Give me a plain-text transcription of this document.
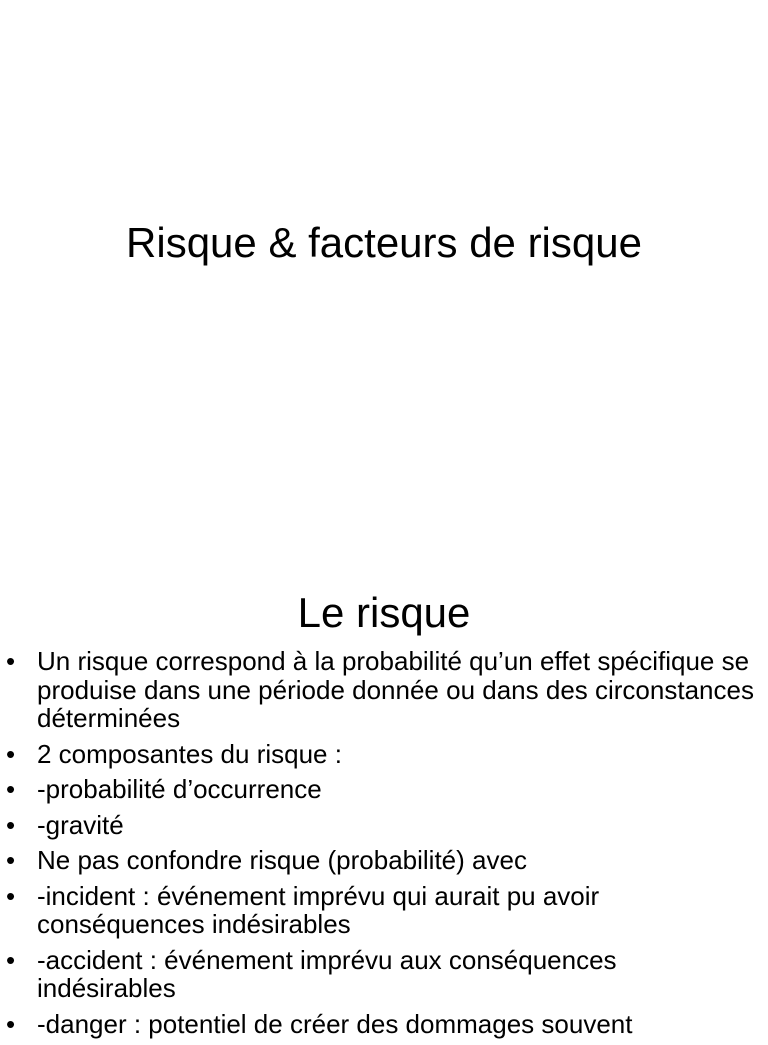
Risque & facteurs de risque
Le risque
• Un risque correspond à la probabilité qu’un effet spécifique se produise dans une période donnée ou dans des circonstances déterminées
• 2 composantes du risque :
• -probabilité d’occurrence
• -gravité
• Ne pas confondre risque (probabilité) avec
• -incident : événement imprévu qui aurait pu avoir conséquences indésirables
• -accident : événement imprévu aux conséquences indésirables
• -danger : potentiel de créer des dommages souvent
